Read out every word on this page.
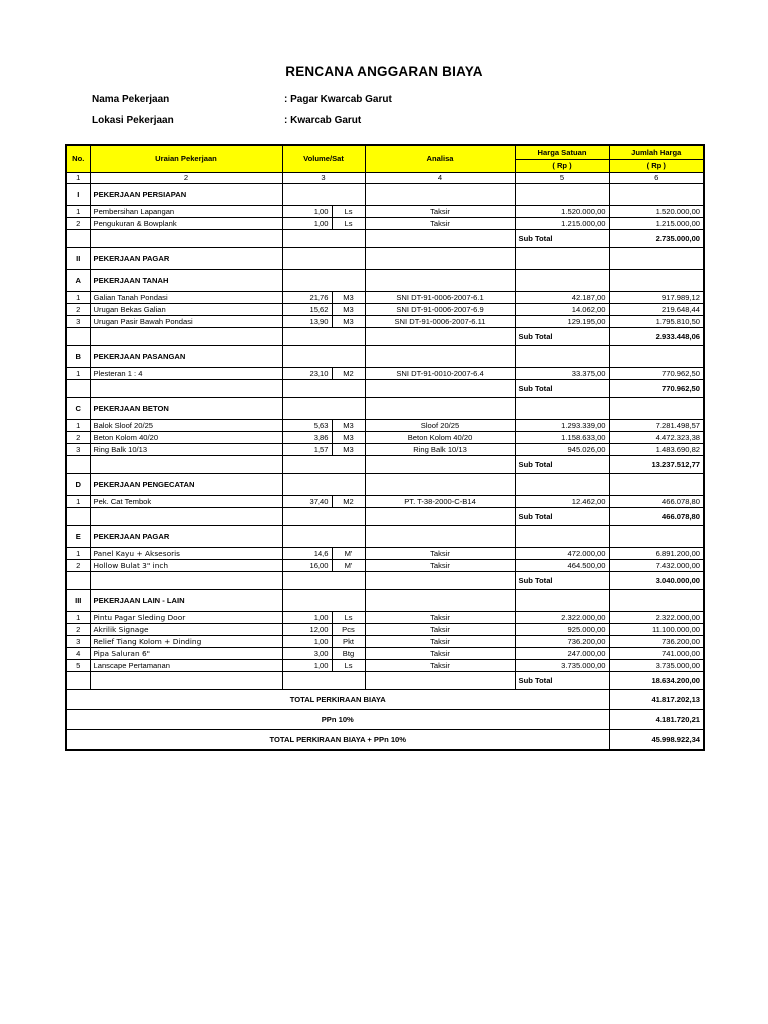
RENCANA ANGGARAN BIAYA
Nama Pekerjaan	: Pagar Kwarcab Garut
Lokasi Pekerjaan	: Kwarcab Garut
No.	Uraian Pekerjaan	Volume/Sat		Analisa	Harga Satuan	Jumlah Harga
					( Rp )	( Rp )
1	2	3		4	5	6
I	PEKERJAAN PERSIAPAN					
1	Pembersihan Lapangan	1,00	Ls	Taksir	1.520.000,00	1.520.000,00
2	Pengukuran & Bowplank	1,00	Ls	Taksir	1.215.000,00	1.215.000,00
					Sub Total	2.735.000,00
II	PEKERJAAN PAGAR					
A	PEKERJAAN TANAH					
1	Galian Tanah Pondasi	21,76	M3	SNI DT-91-0006-2007-6.1	42.187,00	917.989,12
2	Urugan Bekas Galian	15,62	M3	SNI DT-91-0006-2007-6.9	14.062,00	219.648,44
3	Urugan Pasir Bawah Pondasi	13,90	M3	SNI DT-91-0006-2007-6.11	129.195,00	1.795.810,50
					Sub Total	2.933.448,06
B	PEKERJAAN PASANGAN					
1	Plesteran 1 : 4	23,10	M2	SNI DT-91-0010-2007-6.4	33.375,00	770.962,50
					Sub Total	770.962,50
C	PEKERJAAN BETON					
1	Balok Sloof 20/25	5,63	M3	Sloof 20/25	1.293.339,00	7.281.498,57
2	Beton Kolom 40/20	3,86	M3	Beton Kolom 40/20	1.158.633,00	4.472.323,38
3	Ring Balk 10/13	1,57	M3	Ring Balk 10/13	945.026,00	1.483.690,82
					Sub Total	13.237.512,77
D	PEKERJAAN PENGECATAN					
1	Pek. Cat Tembok	37,40	M2	PT. T-38-2000-C-B14	12.462,00	466.078,80
					Sub Total	466.078,80
E	PEKERJAAN PAGAR					
1	Panel Kayu + Aksesoris	14,6	M'	Taksir	472.000,00	6.891.200,00
2	Hollow Bulat 3" inch	16,00	M'	Taksir	464.500,00	7.432.000,00
					Sub Total	3.040.000,00
III	PEKERJAAN LAIN - LAIN					
1	Pintu Pagar Sleding Door	1,00	Ls	Taksir	2.322.000,00	2.322.000,00
2	Akrilik Signage	12,00	Pcs	Taksir	925.000,00	11.100.000,00
3	Relief Tiang Kolom + Dinding	1,00	Pkt	Taksir	736.200,00	736.200,00
4	Pipa Saluran 6"	3,00	Btg	Taksir	247.000,00	741.000,00
5	Lanscape Pertamanan	1,00	Ls	Taksir	3.735.000,00	3.735.000,00
					Sub Total	18.634.200,00
TOTAL PERKIRAAN BIAYA						41.817.202,13
PPn 10%						4.181.720,21
TOTAL PERKIRAAN BIAYA + PPn 10%						45.998.922,34
